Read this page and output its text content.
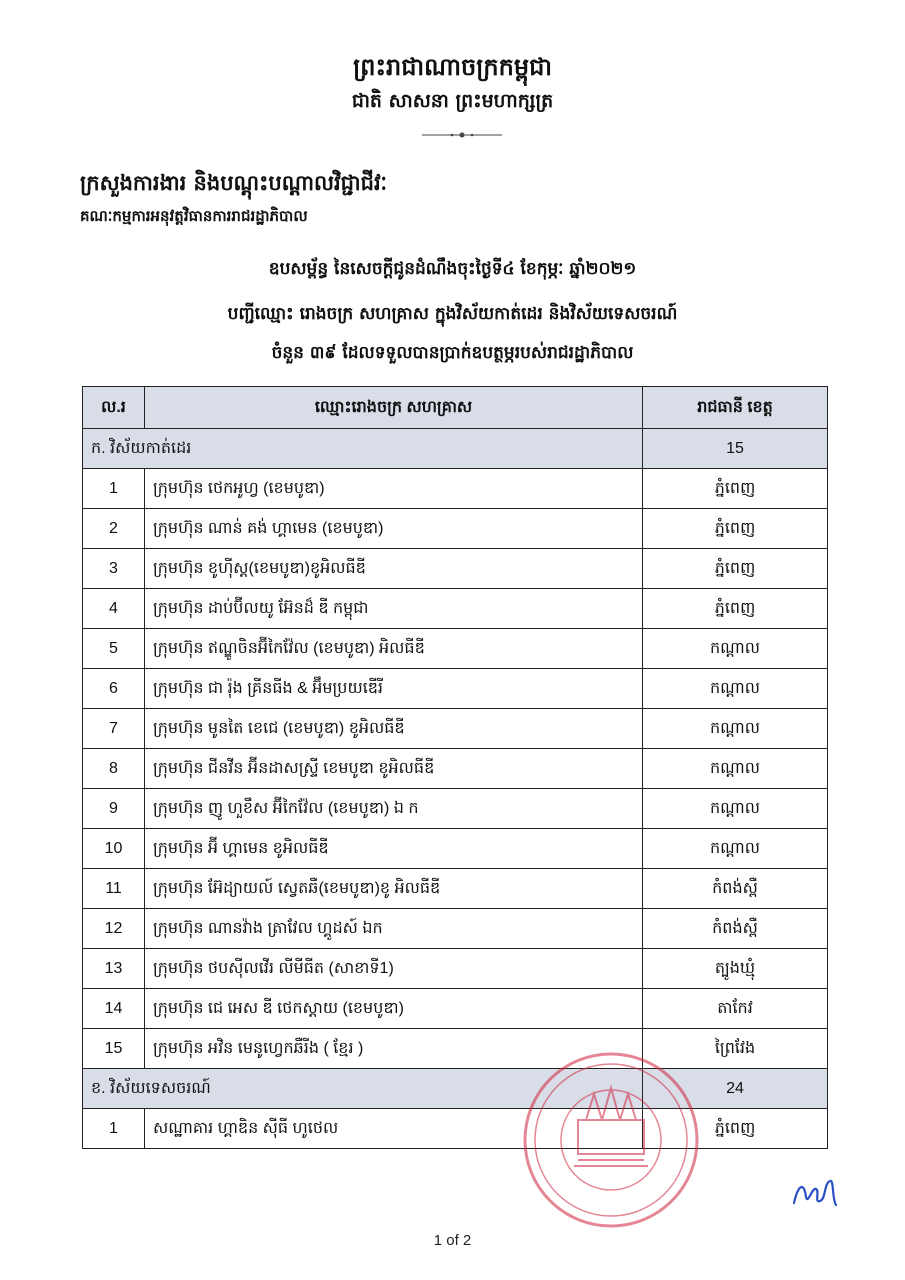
ព្រះរាជាណាចក្រកម្ពុជា
ជាតិ សាសនា ព្រះមហាក្សត្រ
ក្រសួងការងារ និងបណ្តុះបណ្តាលវិជ្ជាជីវៈ
គណៈកម្មការអនុវត្តវិធានការរាជរដ្ឋាភិបាល
ឧបសម្ព័ន្ធ នៃសេចក្តីជូនដំណឹងចុះថ្ងៃទី៤ ខែកុម្ភៈ ឆ្នាំ២០២១
បញ្ជីឈ្មោះ រោងចក្រ សហគ្រាស ក្នុងវិស័យកាត់ដេរ និងវិស័យទេសចរណ៍
ចំនួន ៣៩ ដែលទទួលបានប្រាក់ឧបត្ថម្ភរបស់រាជរដ្ឋាភិបាល
ល.រ	ឈ្មោះរោងចក្រ សហគ្រាស	រាជធានី ខេត្ត
ក. វិស័យកាត់ដេរ		15
1	ក្រុមហ៊ុន ថេកអូហ្វ (ខេមបូឌា)	ភ្នំពេញ
2	ក្រុមហ៊ុន ណាន់ គង់ ហ្គាមេន (ខេមបូឌា)	ភ្នំពេញ
3	ក្រុមហ៊ុន ខូហ៊ីស្ត(ខេមបូឌា)ខូអិលធីឌី	ភ្នំពេញ
4	ក្រុមហ៊ុន ដាប់ប៊ីលយូ អ៊ែនដ៏ ឌី កម្ពុជា	ភ្នំពេញ
5	ក្រុមហ៊ុន ឥណ្ឌូចិនអ៊ីកៃវ៉ែល (ខេមបូឌា) អិលធីឌី	កណ្តាល
6	ក្រុមហ៊ុន ជា រ៉ុង គ្រីនធីង & អ៊ឹមប្រយឌើរី	កណ្តាល
7	ក្រុមហ៊ុន មូនតៃ ខេជេ (ខេមបូឌា) ខូអិលធីឌី	កណ្តាល
8	ក្រុមហ៊ុន ជីនវីន អ៊ីនដាសស្ទ្រី ខេមបូឌា ខូអិលធីឌី	កណ្តាល
9	ក្រុមហ៊ុន ញូ ហួខឹស អ៊ីកៃវ៉ែល (ខេមបូឌា) ឯ ក	កណ្តាល
10	ក្រុមហ៊ុន អ៊ី ហ្គាមេន ខូអិលធីឌី	កណ្តាល
11	ក្រុមហ៊ុន អ៊ែដ្យាយល៍ ស្វេតឆឺ(ខេមបូឌា)ខូ អិលធីឌី	កំពង់ស្ពឺ
12	ក្រុមហ៊ុន ណានវ៉ាង ត្រាវែល ហ្គូដស៍ ឯក	កំពង់ស្ពឺ
13	ក្រុមហ៊ុន ថបស៊ីលវើរ លីមីធីត (សាខាទី1)	ត្បូងឃ្មុំ
14	ក្រុមហ៊ុន ជេ អេស ឌី ថេកស្តាយ (ខេមបូឌា)	តាកែវ
15	ក្រុមហ៊ុន អវិន មេនូហ្វេកឆឺរីង ( ខ្មែរ )	ព្រៃវែង
ខ. វិស័យទេសចរណ៍		24
1	សណ្ឋាគារ ហ្គាឌិន ស៊ីធី ហូថេល	ភ្នំពេញ
1 of 2
